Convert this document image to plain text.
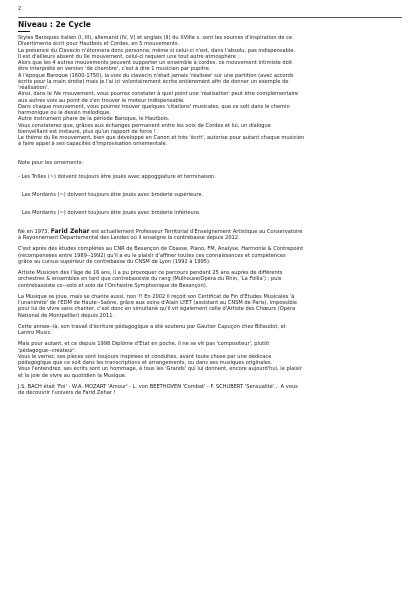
2
Niveau : 2e Cycle

Styles Baroques italien (I, III), allemand (IV, V) et anglais (II) du XVIIIe s. sont les sources d'inspiration de ce

Divertimento écrit pour Hautbois et Cordes, en 5 mouvements.

La présence du Clavecin n'étonnera donc personne, même si celui-ci n'est, dans l'absolu, pas indispensable.

Il est d'ailleurs absent du IIe mouvement, celui-ci requiert une tout autre atmosphère :

Alors que les 4 autres mouvements peuvent supporter un ensemble à cordes, ce mouvement intimiste doit

être interprété en version 'de chambre', c'est à dire 1 musicien par pupitre.

A l'époque Baroque (1600-1750), la voix du clavecin n'était jamais 'réalisée' sur une partition (avec accords

écrits pour la main droite) mais je l'ai ici volontairement écrite entièrement afin de donner un exemple de

'réalisation'.

Ainsi, dans le IVe mouvement, vous pourrez constater à quel point une 'réalisation' peut être complémentaire

aux autres voix au point de s'en trouver le moteur indispensable.

Dans chaque mouvement, vous pourrez trouver quelques 'citations' musicales, que ce soit dans le chemin

harmonique ou le dessin mélodique.

Autre instrument phare de la période Baroque, le Hautbois.

Vous constaterez que, grâces aux échanges permanent entre les voix de Cordes et lui, un dialogue

bienveillant est instauré, plus qu'un rapport de force !

Le thème du IIe mouvement, bien que développé en Canon et très 'écrit', autorise pour autant chaque musicien

à faire appel à ses capacités d'improvisation ornementale.

Note pour les ornements:

- Les Trilles (~) doivent toujours être joués avec appoggiature et terminaison.

Les Mordants (~) doivent toujours être joués avec broderie supérieure.

Les Mordants (~) doivent toujours être joués avec broderie inférieure.

Né en 1973, Farid Zehar est actuellement Professeur Territorial d'Enseignement Artistique au Conservatoire

à Rayonnement Départemental des Landes où il enseigne la contrebasse depuis 2012.

C'est après des études complètes au CNR de Besançon de Cbasse, Piano, FM, Analyse, Harmonie & Contrepoint

(récompensées entre 1989--1992) qu'il a eu le plaisir d'affiner toutes ces connaissances et compétences

grâce au cursus supérieur de contrebasse du CNSM de Lyon (1992 à 1995).

Artiste Musicien dès l'âge de 16 ans, il a pu provoquer ce parcours pendant 25 ans auprès de différents

orchestres & ensembles en tant que contrebassiste du rang (Mulhouse/Opéra du Rhin, 'La Follia') ; puis

contrebassiste co--solo et solo de l'Orchestre Symphonique de Besançon).

La Musique se joue, mais se chante aussi, non ?! En 2002 il reçoit son Certificat de Fin d'Etudes Musicales 'à

l'unanimité' de l'EDM de Haute--Saône, grâce aux soins d'Alain LYET (assistant au CNSM de Paris), impossible

pour lui de vivre sans chanter, c'est donc en simultané qu'il vit également celle d'Artiste des Chœurs (Opéra

National de Montpellier) depuis 2011.

Cette annee--là, son travail d'écriture pédagogique a été soutenu par Gautier Capuçon chez Billaudot, et

Lantro Music.

Mais pour autant, et ce depuis 1998 Diplôme d'Etat en poche, il ne se vit pas 'compositeur', plutôt

'pédagogue--créateur'.

Vous le verrez, ses pièces sont toujours inspirées et conduites, avant toute chose par une dédicace

pédagogique que ce soit dans les transcriptions et arrangements, ou dans ses musiques originales.

Vous l'entendrez, ses écrits sont un hommage, à tous les 'Grands' qui lui donnent, encore aujourd'hui, le plaisir

et la joie de vivre au quotidien la Musique.

J.S. BACH était 'Foi' - W.A. MOZART 'Amour' - L. von BEETHOVEN 'Combat' - F. SCHUBERT 'Sensualité'... A vous

de découvrir l'univers de Farid Zehar !
